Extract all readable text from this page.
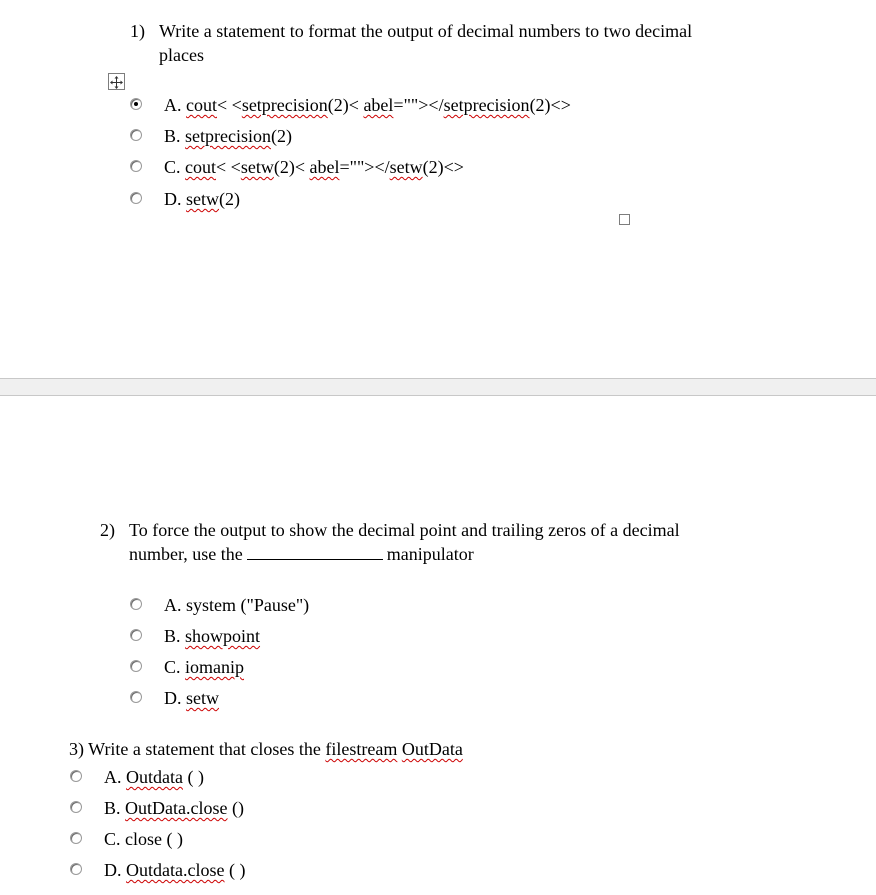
1) Write a statement to format the output of decimal numbers to two decimal
places
A. cout< <setprecision(2)< abel=""></setprecision(2)<>
B. setprecision(2)
C. cout< <setw(2)< abel=""></setw(2)<>
D. setw(2)
2) To force the output to show the decimal point and trailing zeros of a decimal
number, use the	manipulator
A. system ("Pause")
B. showpoint
C. iomanip
D. setw
3) Write a statement that closes the filestream OutData
A. Outdata ( )
B. OutData.close ()
C. close ( )
D. Outdata.close ( )
